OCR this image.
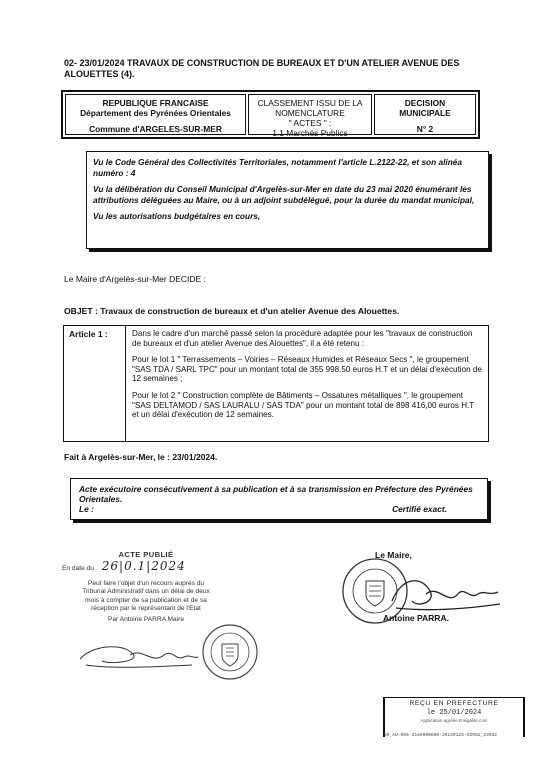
02- 23/01/2024 TRAVAUX DE CONSTRUCTION DE BUREAUX ET D'UN ATELIER AVENUE DES ALOUETTES (4).
REPUBLIQUE FRANCAISE
Département des Pyrénées Orientales
Commune d'ARGELES-SUR-MER
CLASSEMENT ISSU DE LA
NOMENCLATURE
" ACTES " :
1.1 Marchés Publics
DECISION
MUNICIPALE
N° 2

Vu le Code Général des Collectivités Territoriales, notamment l'article L.2122-22, et son alinéa numéro : 4

Vu la délibération du Conseil Municipal d'Argelès-sur-Mer en date du 23 mai 2020 énumérant les attributions déléguées au Maire, ou à un adjoint subdélégué, pour la durée du mandat municipal,

Vu les autorisations budgétaires en cours,

Le Maire d'Argelès-sur-Mer DECIDE :
OBJET : Travaux de construction de bureaux et d'un atelier Avenue des Alouettes.
Article 1 :	Dans le cadre d'un marché passé selon la procédure adaptée pour les "travaux de construction de bureaux et d'un atelier Avenue des Alouettes", il a été retenu :

Pour le lot 1 " Terrassements – Voiries – Réseaux Humides et Réseaux Secs ", le groupement "SAS TDA / SARL TPC" pour un montant total de 355 998.50 euros H.T et un délai d'exécution de 12 semaines ;

Pour le lot 2 " Construction complète de Bâtiments – Ossatures métalliques ", le groupement "SAS DELTAMOD / SAS LAURALU / SAS TDA" pour un montant total de 898 416,00 euros H.T et un délai d'exécution de 12 semaines.

Fait à Argelès-sur-Mer, le : 23/01/2024.
Acte exécutoire consécutivement à sa publication et à sa transmission en Préfecture des Pyrénées Orientales.
Le :	Certifié exact.
ACTE PUBLIÉ
En date du 26|0.1|2024
Peut faire l'objet d'un recours auprès du
Tribunal Administratif dans un délai de deux
mois à compter de sa publication et de sa
réception par le représentant de l'Etat
Par Antoine PARRA Maire
Le Maire,
Antoine PARRA.
REÇU EN PREFECTURE
le 25/01/2024
Application agréée E-legalite.com
99_AU-066-2166600800-20240125-O2082_23032
